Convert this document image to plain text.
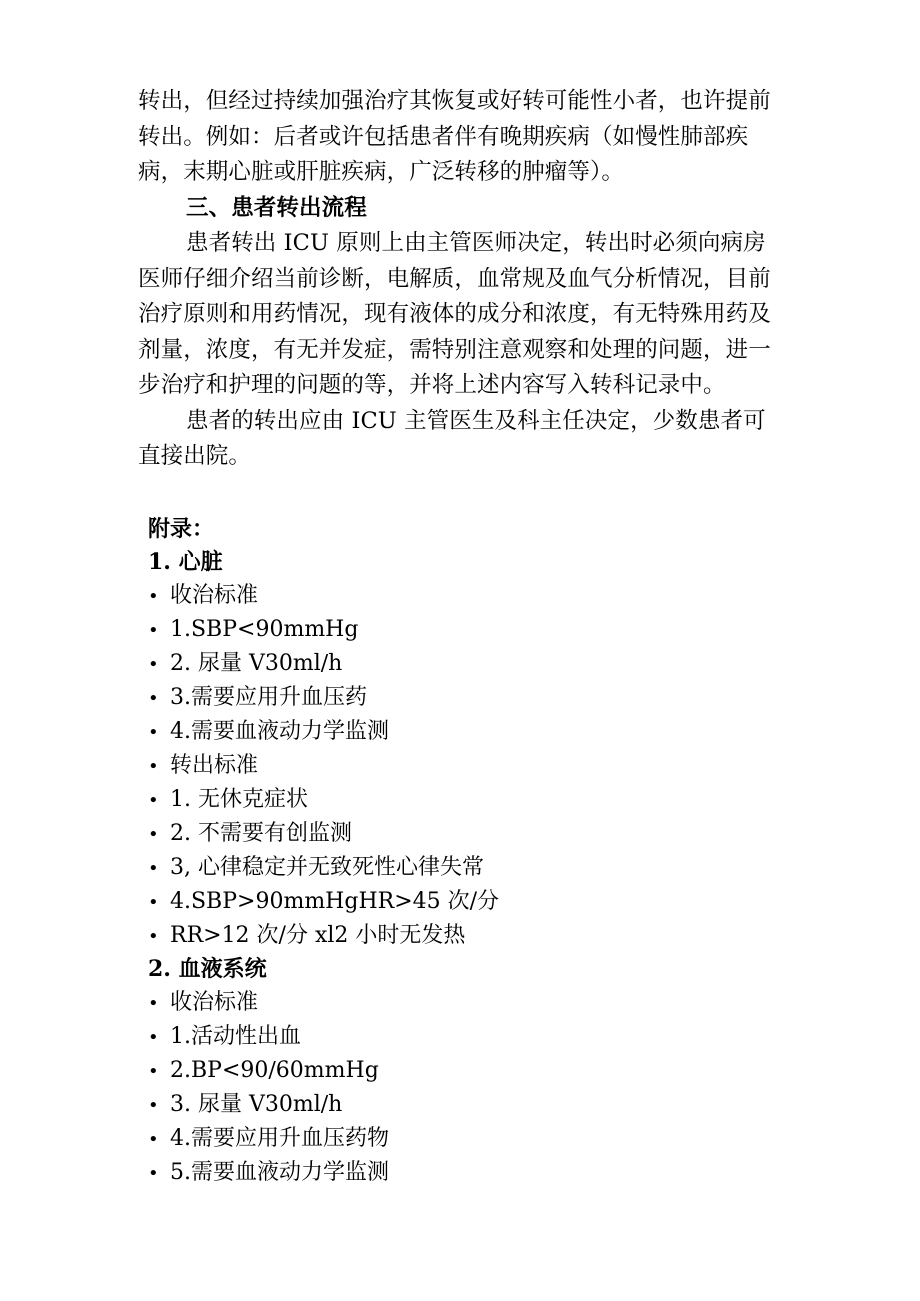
转出，但经过持续加强治疗其恢复或好转可能性小者，也许提前转出。例如：后者或许包括患者伴有晚期疾病（如慢性肺部疾病，末期心脏或肝脏疾病，广泛转移的肿瘤等）。

三、患者转出流程

患者转出 ICU 原则上由主管医师决定，转出时必须向病房医师仔细介绍当前诊断，电解质，血常规及血气分析情况，目前治疗原则和用药情况，现有液体的成分和浓度，有无特殊用药及剂量，浓度，有无并发症，需特别注意观察和处理的问题，进一步治疗和护理的问题的等，并将上述内容写入转科记录中。

患者的转出应由 ICU 主管医生及科主任决定，少数患者可直接出院。

附录：

1. 心脏

• 收治标准
• 1.SBP<90mmHg
• 2. 尿量 V30ml∕h
• 3.需要应用升血压药
• 4.需要血液动力学监测
• 转出标准
• 1. 无休克症状
• 2. 不需要有创监测
• 3, 心律稳定并无致死性心律失常
• 4.SBP>90mmHgHR>45 次/分
• RR>12 次/分 xl2 小时无发热

2. 血液系统

• 收治标准
• 1.活动性出血
• 2.BP<90∕60mmHg
• 3. 尿量 V30ml∕h
• 4.需要应用升血压药物
• 5.需要血液动力学监测
